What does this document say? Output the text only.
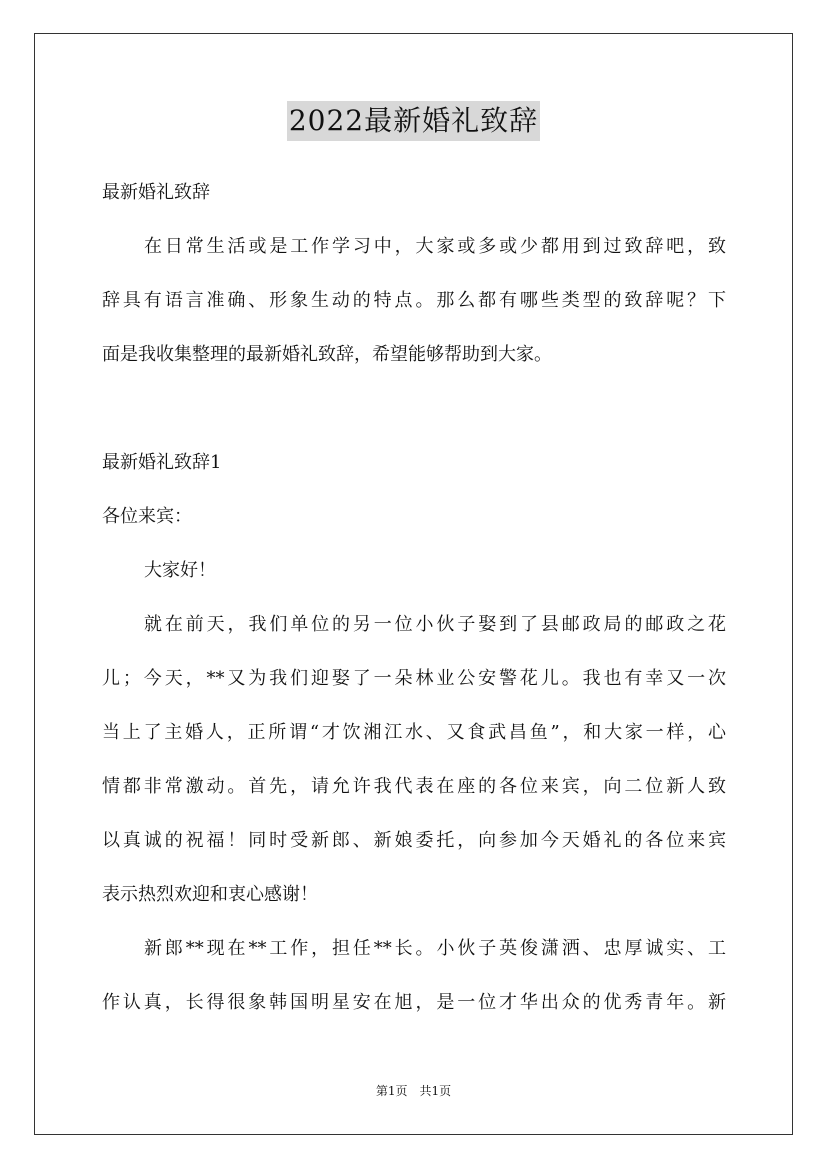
2022最新婚礼致辞
最新婚礼致辞
在日常生活或是工作学习中，大家或多或少都用到过致辞吧，致
辞具有语言准确、形象生动的特点。那么都有哪些类型的致辞呢？下
面是我收集整理的最新婚礼致辞，希望能够帮助到大家。
最新婚礼致辞1
各位来宾：
大家好！
就在前天，我们单位的另一位小伙子娶到了县邮政局的邮政之花
儿；今天，**又为我们迎娶了一朵林业公安警花儿。我也有幸又一次
当上了主婚人，正所谓“才饮湘江水、又食武昌鱼”，和大家一样，心
情都非常激动。首先，请允许我代表在座的各位来宾，向二位新人致
以真诚的祝福！同时受新郎、新娘委托，向参加今天婚礼的各位来宾
表示热烈欢迎和衷心感谢！
新郎**现在**工作，担任**长。小伙子英俊潇洒、忠厚诚实、工
作认真，长得很象韩国明星安在旭，是一位才华出众的优秀青年。新
第1页　共1页
